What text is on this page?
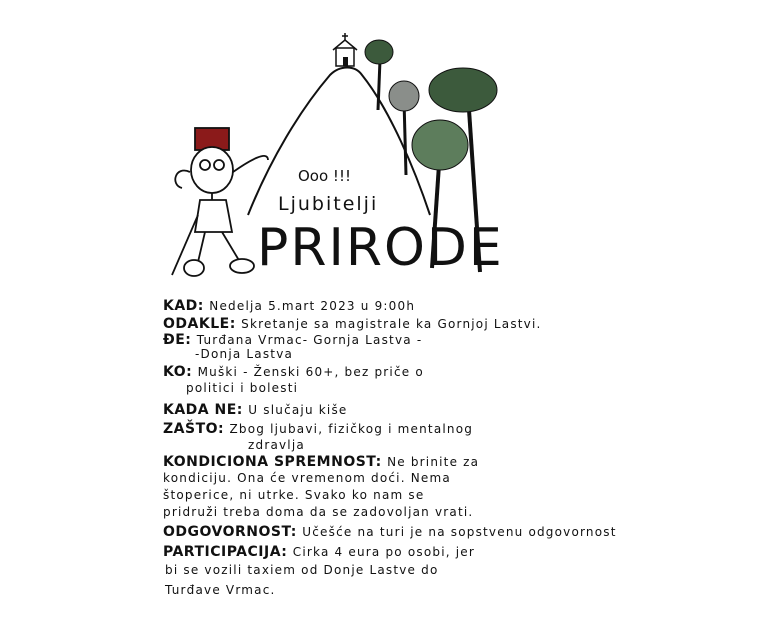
Ooo !!!
Ljubitelji
PRIRODE
KAD: Nedelja 5.mart 2023 u 9:00h
ODAKLE: Skretanje sa magistrale ka Gornjoj Lastvi.
ĐE: Turđana Vrmac- Gornja Lastva -
-Donja Lastva
KO: Muški - Ženski 60+, bez priče o
politici i bolesti
KADA NE: U slučaju kiše
ZAŠTO: Zbog ljubavi, fizičkog i mentalnog
zdravlja
KONDICIONA SPREMNOST: Ne brinite za
kondiciju. Ona će vremenom doći. Nema
štoperice, ni utrke. Svako ko nam se
pridruži treba doma da se zadovoljan vrati.
ODGOVORNOST: Učešće na turi je na sopstvenu odgovornost
PARTICIPACIJA: Cirka 4 eura po osobi, jer
bi se vozili taxiem od Donje Lastve do
Turđave Vrmac.
